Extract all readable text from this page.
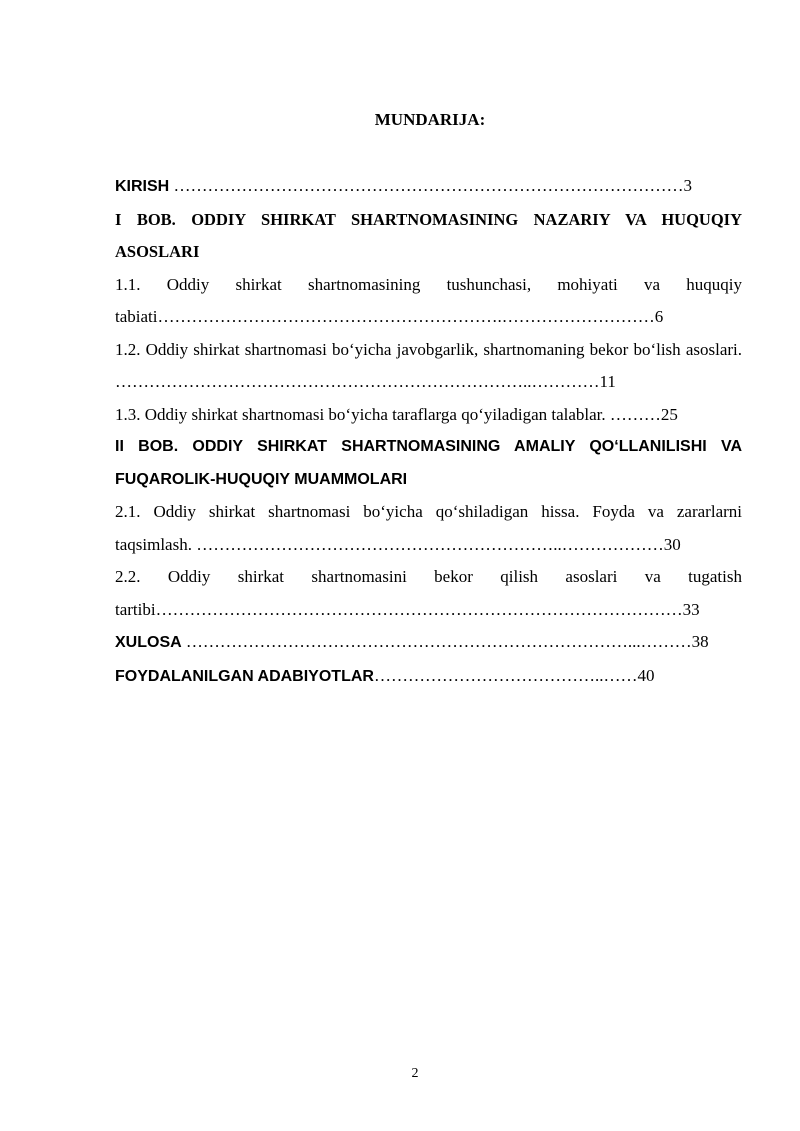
MUNDARIJA:
KIRISH ………………………………………………………………………………3
I BOB. ODDIY SHIRKAT SHARTNOMASINING NAZARIY VA HUQUQIY ASOSLARI
1.1. Oddiy shirkat shartnomasining tushunchasi, mohiyati va huquqiy tabiati…………………………………………………….………………………6
1.2. Oddiy shirkat shartnomasi bo‘yicha javobgarlik, shartnomaning bekor bo‘lish asoslari. ………………………………………………………………..…………11
1.3. Oddiy shirkat shartnomasi bo‘yicha taraflarga qo‘yiladigan talablar. ………25
II BOB. ODDIY SHIRKAT SHARTNOMASINING AMALIY QO‘LLANILISHI VA FUQAROLIK-HUQUQIY MUAMMOLARI
2.1. Oddiy shirkat shartnomasi bo‘yicha qo‘shiladigan hissa. Foyda va zararlarni taqsimlash. ………………………………………………………..………………30
2.2. Oddiy shirkat shartnomasini bekor qilish asoslari va tugatish tartibi…………………………………………………………………………………33
XULOSA ……………………………………………………………………...………38
FOYDALANILGAN ADABIYOTLAR…………………………………..……40
2
